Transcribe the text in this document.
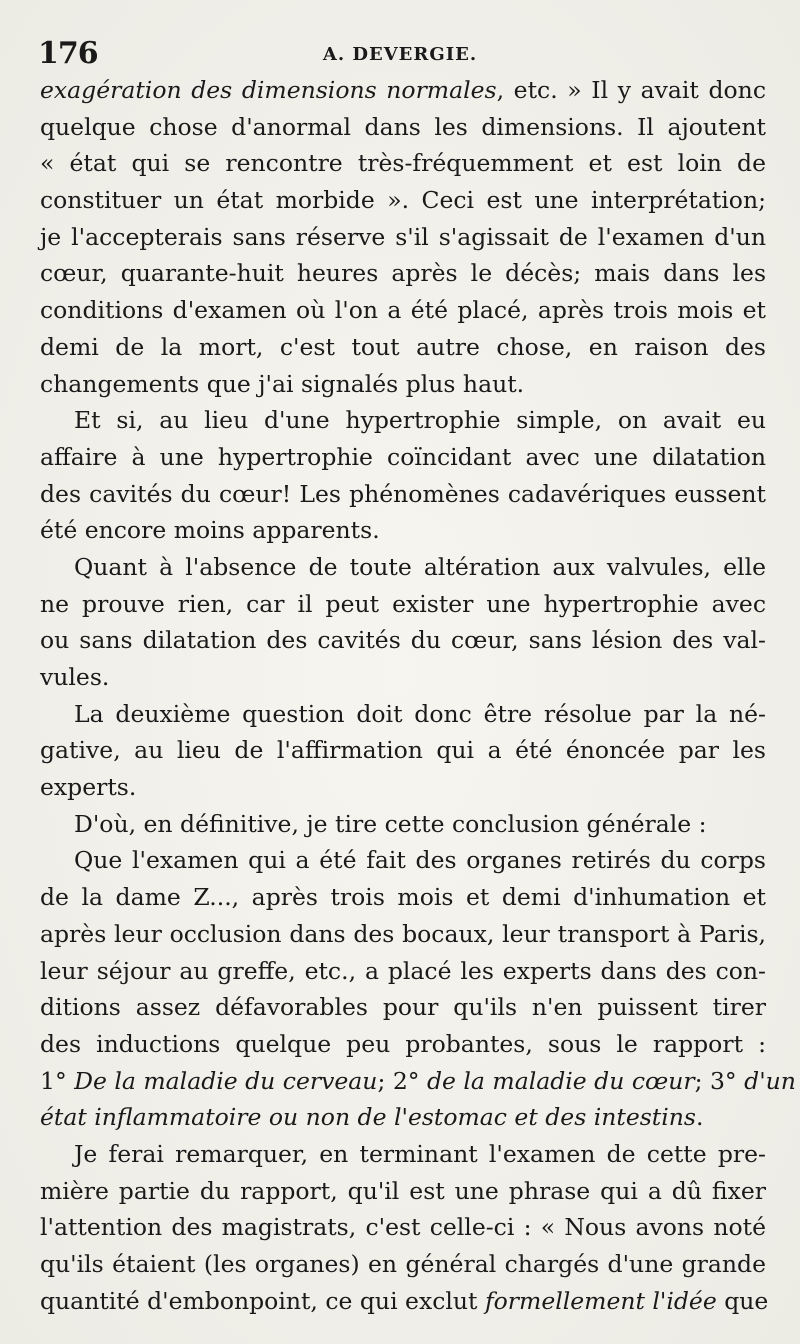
176	A. DEVERGIE.
exagération des dimensions normales, etc. » Il y avait donc
quelque chose d'anormal dans les dimensions. Il ajoutent
« état qui se rencontre très-fréquemment et est loin de
constituer un état morbide ». Ceci est une interprétation;
je l'accepterais sans réserve s'il s'agissait de l'examen d'un
cœur, quarante-huit heures après le décès; mais dans les
conditions d'examen où l'on a été placé, après trois mois et
demi de la mort, c'est tout autre chose, en raison des
changements que j'ai signalés plus haut.
Et si, au lieu d'une hypertrophie simple, on avait eu
affaire à une hypertrophie coïncidant avec une dilatation
des cavités du cœur! Les phénomènes cadavériques eussent
été encore moins apparents.
Quant à l'absence de toute altération aux valvules, elle
ne prouve rien, car il peut exister une hypertrophie avec
ou sans dilatation des cavités du cœur, sans lésion des val-
vules.
La deuxième question doit donc être résolue par la né-
gative, au lieu de l'affirmation qui a été énoncée par les
experts.
D'où, en définitive, je tire cette conclusion générale :
Que l'examen qui a été fait des organes retirés du corps
de la dame Z..., après trois mois et demi d'inhumation et
après leur occlusion dans des bocaux, leur transport à Paris,
leur séjour au greffe, etc., a placé les experts dans des con-
ditions assez défavorables pour qu'ils n'en puissent tirer
des inductions quelque peu probantes, sous le rapport :
1° De la maladie du cerveau; 2° de la maladie du cœur; 3° d'un
état inflammatoire ou non de l'estomac et des intestins.
Je ferai remarquer, en terminant l'examen de cette pre-
mière partie du rapport, qu'il est une phrase qui a dû fixer
l'attention des magistrats, c'est celle-ci : « Nous avons noté
qu'ils étaient (les organes) en général chargés d'une grande
quantité d'embonpoint, ce qui exclut formellement l'idée que
